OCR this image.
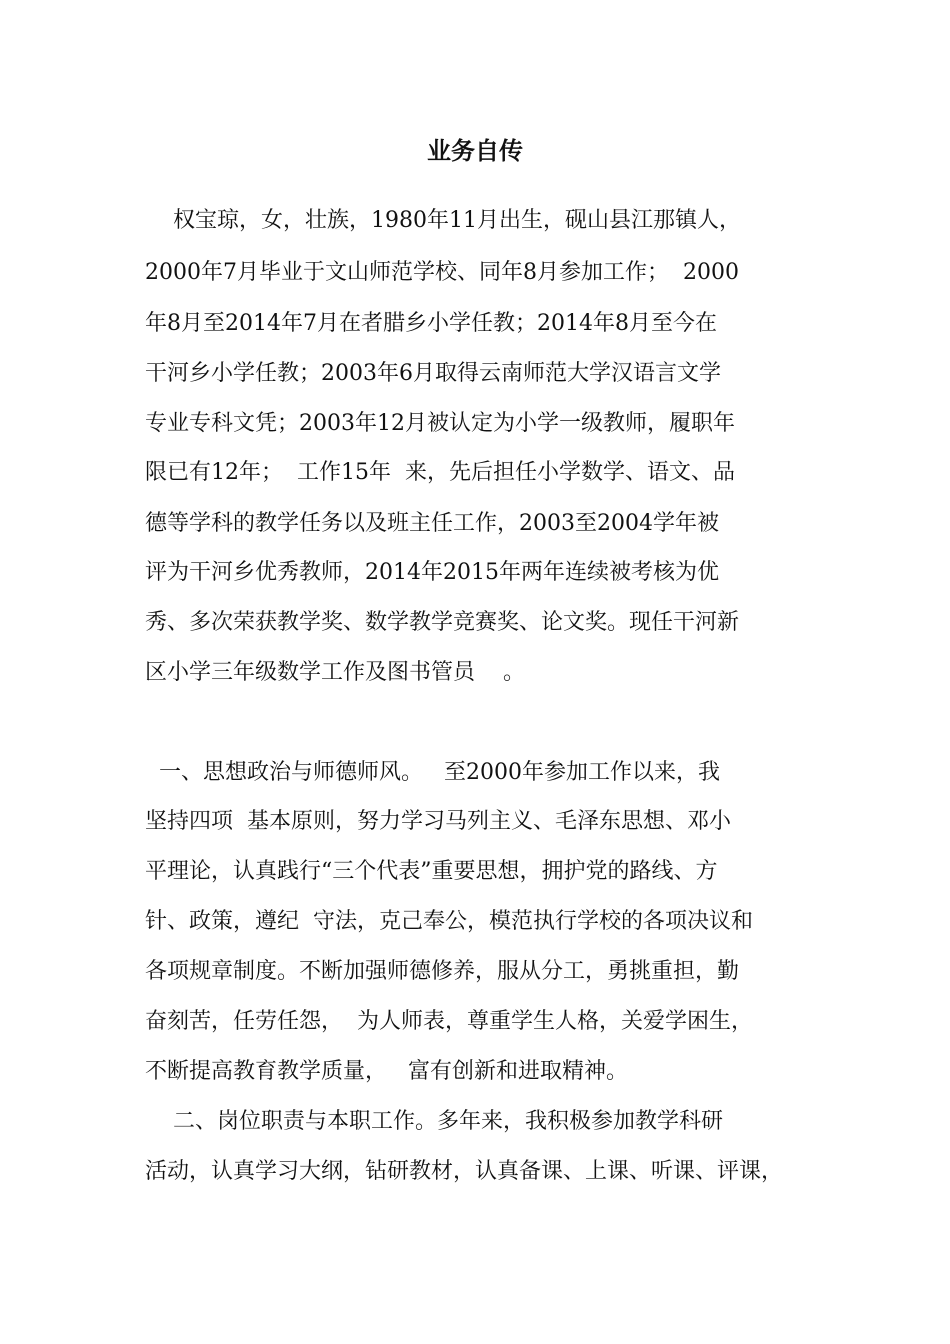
业务自传
权宝琼，女，壮族，1980年11月出生，砚山县江那镇人，
2000年7月毕业于文山师范学校、同年8月参加工作；  2000
年8月至2014年7月在者腊乡小学任教；2014年8月至今在
干河乡小学任教；2003年6月取得云南师范大学汉语言文学
专业专科文凭；2003年12月被认定为小学一级教师，履职年
限已有12年；  工作15年  来，先后担任小学数学、语文、品
德等学科的教学任务以及班主任工作，2003至2004学年被
评为干河乡优秀教师，2014年2015年两年连续被考核为优
秀、多次荣获教学奖、数学教学竞赛奖、论文奖。现任干河新
区小学三年级数学工作及图书管员    。
一、思想政治与师德师风。   至2000年参加工作以来，我
坚持四项  基本原则，努力学习马列主义、毛泽东思想、邓小
平理论，认真践行“三个代表”重要思想，拥护党的路线、方
针、政策，遵纪  守法，克己奉公，模范执行学校的各项决议和
各项规章制度。不断加强师德修养，服从分工，勇挑重担，勤
奋刻苦，任劳任怨，  为人师表，尊重学生人格，关爱学困生，
不断提高教育教学质量，   富有创新和进取精神。
二、岗位职责与本职工作。多年来，我积极参加教学科研
活动，认真学习大纲，钻研教材，认真备课、上课、听课、评课，
